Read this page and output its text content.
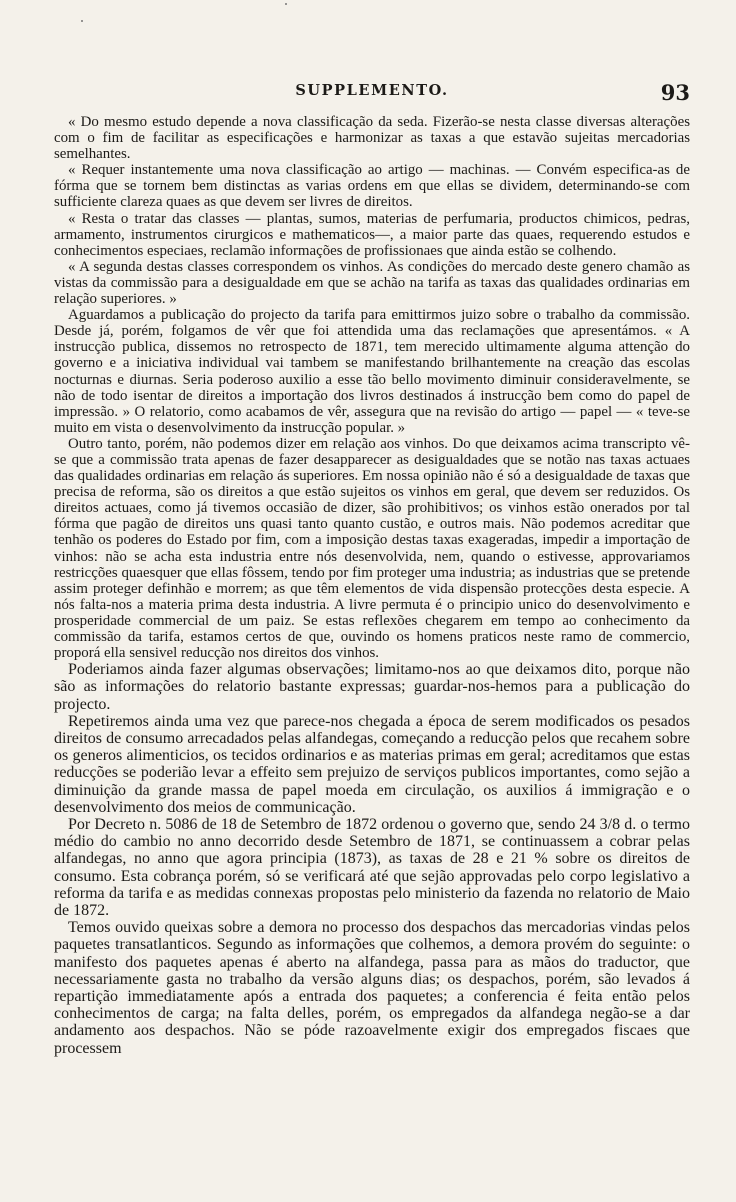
SUPPLEMENTO.	93

« Do mesmo estudo depende a nova classificação da seda. Fizerão-se nesta classe diversas alterações com o fim de facilitar as especificações e harmonizar as taxas a que estavão sujeitas mercadorias semelhantes.

« Requer instantemente uma nova classificação ao artigo — machinas. — Convém especifica-as de fórma que se tornem bem distinctas as varias ordens em que ellas se dividem, determinando-se com sufficiente clareza quaes as que devem ser livres de direitos.

« Resta o tratar das classes — plantas, sumos, materias de perfumaria, productos chimicos, pedras, armamento, instrumentos cirurgicos e mathematicos—, a maior parte das quaes, requerendo estudos e conhecimentos especiaes, reclamão informações de profissionaes que ainda estão se colhendo.

« A segunda destas classes correspondem os vinhos. As condições do mercado deste genero chamão as vistas da commissão para a desigualdade em que se achão na tarifa as taxas das qualidades ordinarias em relação superiores. »

Aguardamos a publicação do projecto da tarifa para emittirmos juizo sobre o trabalho da commissão. Desde já, porém, folgamos de vêr que foi attendida uma das reclamações que apresentámos. « A instrucção publica, dissemos no retrospecto de 1871, tem merecido ultimamente alguma attenção do governo e a iniciativa individual vai tambem se manifestando brilhantemente na creação das escolas nocturnas e diurnas. Seria poderoso auxilio a esse tão bello movimento diminuir consideravelmente, se não de todo isentar de direitos a importação dos livros destinados á instrucção bem como do papel de impressão. » O relatorio, como acabamos de vêr, assegura que na revisão do artigo — papel — « teve-se muito em vista o desenvolvimento da instrucção popular. »

Outro tanto, porém, não podemos dizer em relação aos vinhos. Do que deixamos acima transcripto vê-se que a commissão trata apenas de fazer desapparecer as desigualdades que se notão nas taxas actuaes das qualidades ordinarias em relação ás superiores. Em nossa opinião não é só a desigualdade de taxas que precisa de reforma, são os direitos a que estão sujeitos os vinhos em geral, que devem ser reduzidos. Os direitos actuaes, como já tivemos occasião de dizer, são prohibitivos; os vinhos estão onerados por tal fórma que pagão de direitos uns quasi tanto quanto custão, e outros mais. Não podemos acreditar que tenhão os poderes do Estado por fim, com a imposição destas taxas exageradas, impedir a importação de vinhos: não se acha esta industria entre nós desenvolvida, nem, quando o estivesse, approvariamos restricções quaesquer que ellas fôssem, tendo por fim proteger uma industria; as industrias que se pretende assim proteger definhão e morrem; as que têm elementos de vida dispensão protecções desta especie. A nós falta-nos a materia prima desta industria. A livre permuta é o principio unico do desenvolvimento e prosperidade commercial de um paiz. Se estas reflexões chegarem em tempo ao conhecimento da commissão da tarifa, estamos certos de que, ouvindo os homens praticos neste ramo de commercio, proporá ella sensivel reducção nos direitos dos vinhos.

Poderiamos ainda fazer algumas observações; limitamo-nos ao que deixamos dito, porque não são as informações do relatorio bastante expressas; guardar-nos-hemos para a publicação do projecto.

Repetiremos ainda uma vez que parece-nos chegada a época de serem modificados os pesados direitos de consumo arrecadados pelas alfandegas, começando a reducção pelos que recahem sobre os generos alimenticios, os tecidos ordinarios e as materias primas em geral; acreditamos que estas reducções se poderião levar a effeito sem prejuizo de serviços publicos importantes, como sejão a diminuição da grande massa de papel moeda em circulação, os auxilios á immigração e o desenvolvimento dos meios de communicação.

Por Decreto n. 5086 de 18 de Setembro de 1872 ordenou o governo que, sendo 24 3/8 d. o termo médio do cambio no anno decorrido desde Setembro de 1871, se continuassem a cobrar pelas alfandegas, no anno que agora principia (1873), as taxas de 28 e 21 % sobre os direitos de consumo. Esta cobrança porém, só se verificará até que sejão approvadas pelo corpo legislativo a reforma da tarifa e as medidas connexas propostas pelo ministerio da fazenda no relatorio de Maio de 1872.

Temos ouvido queixas sobre a demora no processo dos despachos das mercadorias vindas pelos paquetes transatlanticos. Segundo as informações que colhemos, a demora provém do seguinte: o manifesto dos paquetes apenas é aberto na alfandega, passa para as mãos do traductor, que necessariamente gasta no trabalho da versão alguns dias; os despachos, porém, são levados á repartição immediatamente após a entrada dos paquetes; a conferencia é feita então pelos conhecimentos de carga; na falta delles, porém, os empregados da alfandega negão-se a dar andamento aos despachos. Não se póde razoavelmente exigir dos empregados fiscaes que processem
